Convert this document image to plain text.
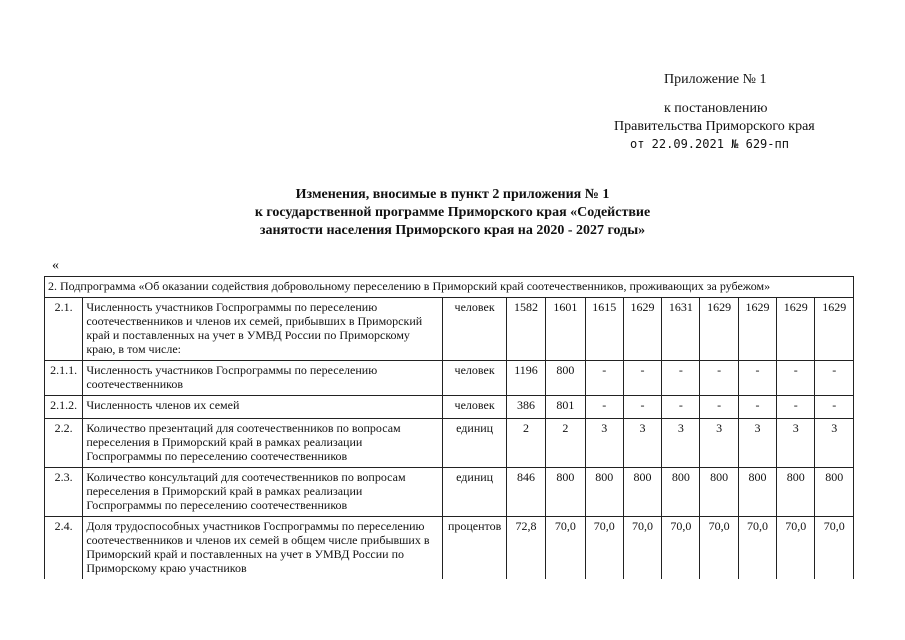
Приложение № 1
к постановлению
Правительства Приморского края
от 22.09.2021 № 629-пп
Изменения, вносимые в пункт 2 приложения № 1
к государственной программе Приморского края «Содействие
занятости населения Приморского края на 2020 - 2027 годы»
«
2. Подпрограмма «Об оказании содействия добровольному переселению в Приморский край соотечественников, проживающих за рубежом»											
2.1.	Численность участников Госпрограммы по переселению соотечественников и членов их семей, прибывших в Приморский край и поставленных на учет в УМВД России по Приморскому краю, в том числе:	человек	1582	1601	1615	1629	1631	1629	1629	1629	1629
2.1.1.	Численность участников Госпрограммы по переселению соотечественников	человек	1196	800	-	-	-	-	-	-	-
2.1.2.	Численность членов их семей	человек	386	801	-	-	-	-	-	-	-
2.2.	Количество презентаций для соотечественников по вопросам переселения в Приморский край в рамках реализации Госпрограммы по переселению соотечественников	единиц	2	2	3	3	3	3	3	3	3
2.3.	Количество консультаций для соотечественников по вопросам переселения в Приморский край в рамках реализации Госпрограммы по переселению соотечественников	единиц	846	800	800	800	800	800	800	800	800
2.4.	Доля трудоспособных участников Госпрограммы по переселению соотечественников и членов их семей в общем числе прибывших в Приморский край и поставленных на учет в УМВД России по Приморскому краю участников	процентов	72,8	70,0	70,0	70,0	70,0	70,0	70,0	70,0	70,0
